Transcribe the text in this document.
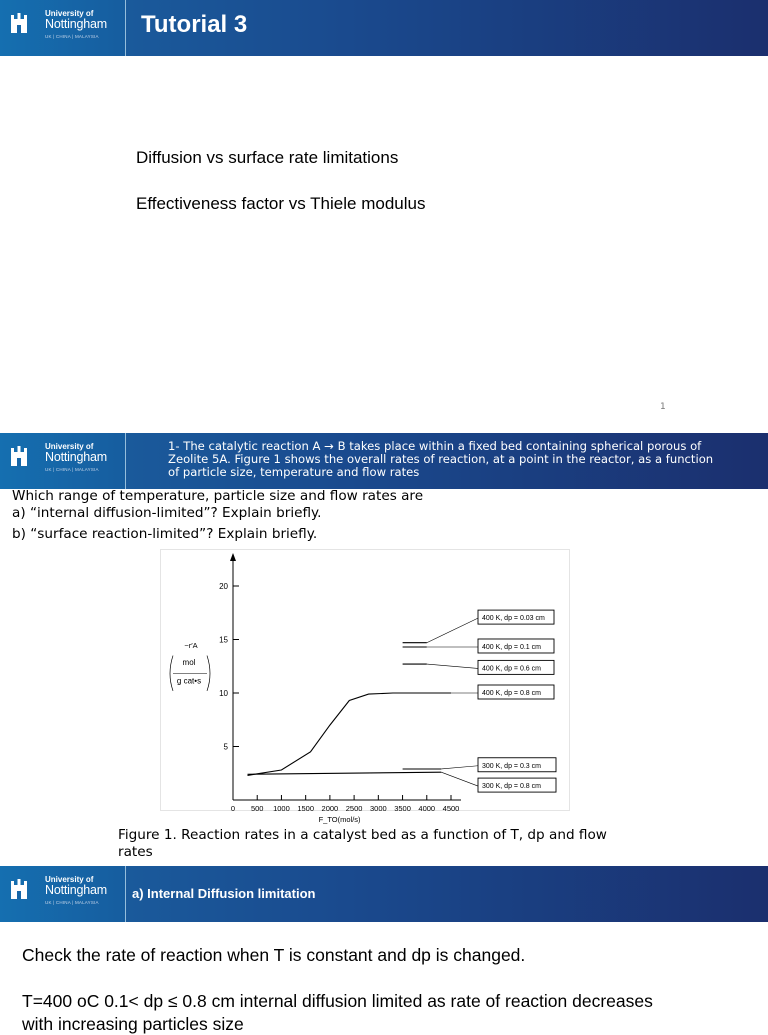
University of
Nottingham
UK | CHINA | MALAYSIA Tutorial 3
Diffusion vs surface rate limitations
Effectiveness factor vs Thiele modulus
1
University of
Nottingham
UK | CHINA | MALAYSIA
1- The catalytic reaction A → B takes place within a fixed bed containing spherical porous of
Zeolite 5A. Figure 1 shows the overall rates of reaction, at a point in the reactor, as a function
of particle size, temperature and flow rates
Which range of temperature, particle size and flow rates are
a) “internal diffusion-limited”? Explain briefly.
b) “surface reaction-limited”? Explain briefly.
5
10
15
20
0 500 1000 1500 2000 2500 3000 3500 4000 4500
F_TO(mol/s)
−r′A
mol
g cat•s
400 K, dp = 0.03 cm
400 K, dp = 0.1 cm
400 K, dp = 0.6 cm
400 K, dp = 0.8 cm
300 K, dp = 0.3 cm
300 K, dp = 0.8 cm
Figure 1. Reaction rates in a catalyst bed as a function of T, dp and flow
rates
University of
Nottingham
UK | CHINA | MALAYSIA
a) Internal Diffusion limitation
Check the rate of reaction when T is constant and dp is changed.
T=400 oC 0.1< dp ≤ 0.8 cm internal diffusion limited as rate of reaction decreases
with increasing particles size
